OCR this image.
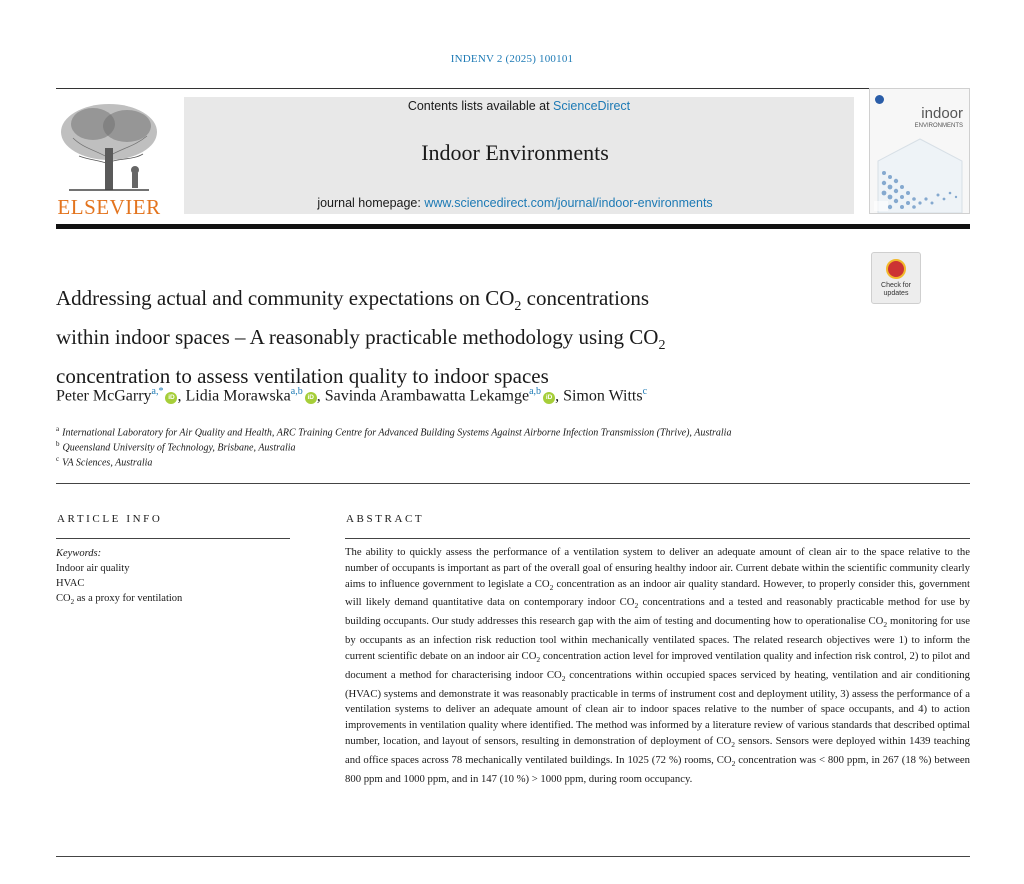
INDENV 2 (2025) 100101
ELSEVIER
Contents lists available at ScienceDirect
Indoor Environments
journal homepage: www.sciencedirect.com/journal/indoor-environments
indoor
ENVIRONMENTS
Check for updates
Addressing actual and community expectations on $CO_2$ concentrations
within indoor spaces – A reasonably practicable methodology using $CO_2$
concentration to assess ventilation quality to indoor spaces
Peter McGarry$^{a,*}$iD , Lidia Morawska$^{a,b}$iD , Savinda Arambawatta Lekamge$^{a,b}$iD , Simon Witts$^c$
$^a$ International Laboratory for Air Quality and Health, ARC Training Centre for Advanced Building Systems Against Airborne Infection Transmission (Thrive), Australia
$^b$ Queensland University of Technology, Brisbane, Australia
$^c$ VA Sciences, Australia
ARTICLE INFO	ABSTRACT
Keywords:
Indoor air quality
HVAC
$CO_2$ as a proxy for ventilation
The ability to quickly assess the performance of a ventilation system to deliver an adequate amount of clean air to the space relative to the number of occupants is important as part of the overall goal of ensuring healthy indoor air. Current debate within the scientific community clearly aims to influence government to legislate a $CO_2$ concentration as an indoor air quality standard. However, to properly consider this, government will likely demand quantitative data on contemporary indoor $CO_2$ concentrations and a tested and reasonably practicable method for use by building occupants. Our study addresses this research gap with the aim of testing and documenting how to operationalise $CO_2$ monitoring for use by occupants as an infection risk reduction tool within mechanically ventilated spaces. The related research objectives were 1) to inform the current scientific debate on an indoor air $CO_2$ concentration action level for improved ventilation quality and infection risk control, 2) to pilot and document a method for characterising indoor $CO_2$ concentrations within occupied spaces serviced by heating, ventilation and air conditioning (HVAC) systems and demonstrate it was reasonably practicable in terms of instrument cost and deployment utility, 3) assess the performance of a ventilation systems to deliver an adequate amount of clean air to indoor spaces relative to the number of space occupants, and 4) to action improvements in ventilation quality where identified. The method was informed by a literature review of various standards that described optimal number, location, and layout of sensors, resulting in demonstration of deployment of $CO_2$ sensors. Sensors were deployed within 1439 teaching and office spaces across 78 mechanically ventilated buildings. In 1025 (72 %) rooms, $CO_2$ concentration was < 800 ppm, in 267 (18 %) between 800 ppm and 1000 ppm, and in 147 (10 %) > 1000 ppm, during room occupancy.
